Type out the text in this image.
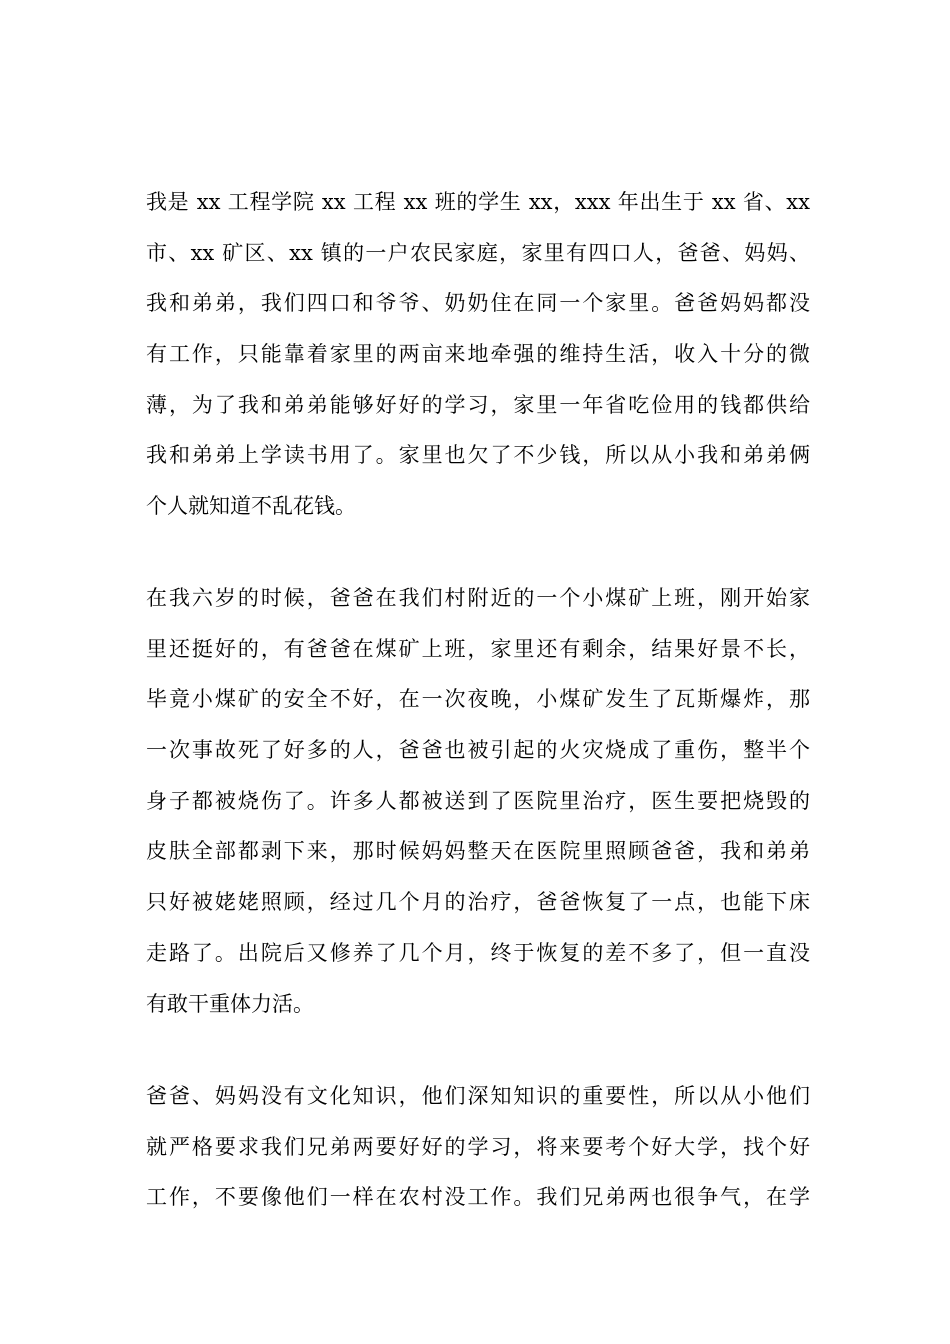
我是 xx 工程学院 xx 工程 xx 班的学生 xx，xxx 年出生于 xx 省、xx
市、xx 矿区、xx 镇的一户农民家庭，家里有四口人，爸爸、妈妈、
我和弟弟，我们四口和爷爷、奶奶住在同一个家里。爸爸妈妈都没
有工作，只能靠着家里的两亩来地牵强的维持生活，收入十分的微
薄，为了我和弟弟能够好好的学习，家里一年省吃俭用的钱都供给
我和弟弟上学读书用了。家里也欠了不少钱，所以从小我和弟弟俩
个人就知道不乱花钱。
在我六岁的时候，爸爸在我们村附近的一个小煤矿上班，刚开始家
里还挺好的，有爸爸在煤矿上班，家里还有剩余，结果好景不长，
毕竟小煤矿的安全不好，在一次夜晚，小煤矿发生了瓦斯爆炸，那
一次事故死了好多的人，爸爸也被引起的火灾烧成了重伤，整半个
身子都被烧伤了。许多人都被送到了医院里治疗，医生要把烧毁的
皮肤全部都剥下来，那时候妈妈整天在医院里照顾爸爸，我和弟弟
只好被姥姥照顾，经过几个月的治疗，爸爸恢复了一点，也能下床
走路了。出院后又修养了几个月，终于恢复的差不多了，但一直没
有敢干重体力活。
爸爸、妈妈没有文化知识，他们深知知识的重要性，所以从小他们
就严格要求我们兄弟两要好好的学习，将来要考个好大学，找个好
工作，不要像他们一样在农村没工作。我们兄弟两也很争气，在学
